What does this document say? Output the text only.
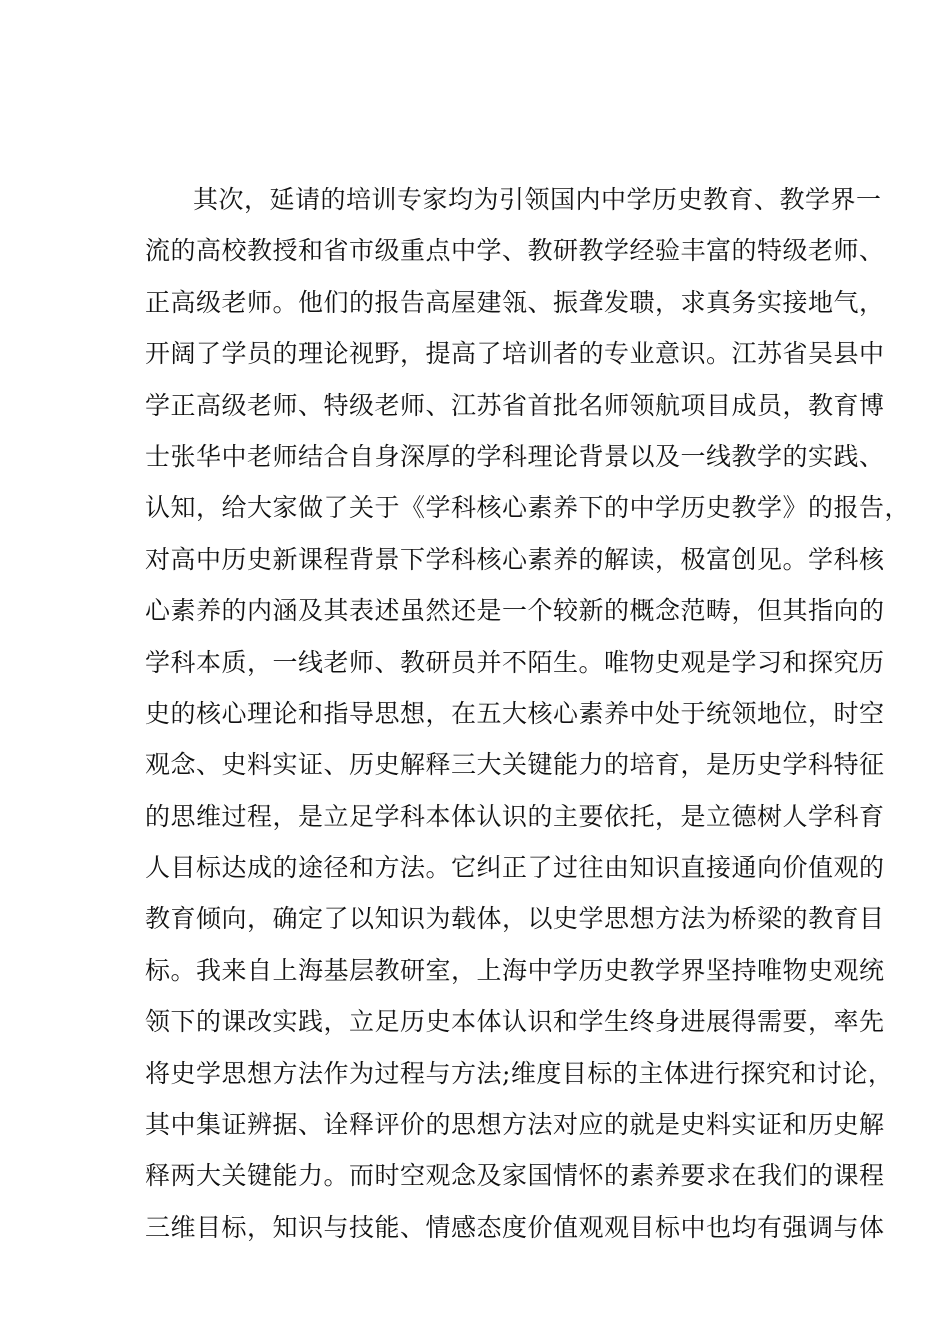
其次，延请的培训专家均为引领国内中学历史教育、教学界一
流的高校教授和省市级重点中学、教研教学经验丰富的特级老师、
正高级老师。他们的报告高屋建瓴、振聋发聩，求真务实接地气，
开阔了学员的理论视野，提高了培训者的专业意识。江苏省吴县中
学正高级老师、特级老师、江苏省首批名师领航项目成员，教育博
士张华中老师结合自身深厚的学科理论背景以及一线教学的实践、
认知，给大家做了关于《学科核心素养下的中学历史教学》的报告，
对高中历史新课程背景下学科核心素养的解读，极富创见。学科核
心素养的内涵及其表述虽然还是一个较新的概念范畴，但其指向的
学科本质，一线老师、教研员并不陌生。唯物史观是学习和探究历
史的核心理论和指导思想，在五大核心素养中处于统领地位，时空
观念、史料实证、历史解释三大关键能力的培育，是历史学科特征
的思维过程，是立足学科本体认识的主要依托，是立德树人学科育
人目标达成的途径和方法。它纠正了过往由知识直接通向价值观的
教育倾向，确定了以知识为载体，以史学思想方法为桥梁的教育目
标。我来自上海基层教研室，上海中学历史教学界坚持唯物史观统
领下的课改实践，立足历史本体认识和学生终身进展得需要，率先
将史学思想方法作为过程与方法;维度目标的主体进行探究和讨论，
其中集证辨据、诠释评价的思想方法对应的就是史料实证和历史解
释两大关键能力。而时空观念及家国情怀的素养要求在我们的课程
三维目标，知识与技能、情感态度价值观观目标中也均有强调与体
